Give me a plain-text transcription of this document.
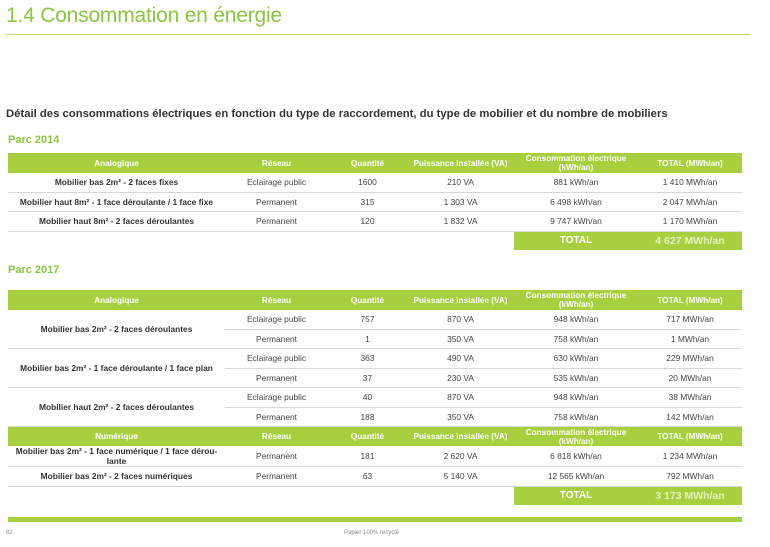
1.4 Consommation en énergie
Détail des consommations électriques en fonction du type de raccordement, du type de mobilier et du nombre de mobiliers
Parc 2014
Analogique	Réseau	Quantité	Puissance installée (VA)	Consommation électrique (kWh/an)	TOTAL (MWh/an)
Mobilier bas 2m² - 2 faces fixes	Eclairage public	1600	210 VA	881 kWh/an	1 410 MWh/an
Mobilier haut 8m² - 1 face déroulante / 1 face fixe	Permanent	315	1 303 VA	6 498 kWh/an	2 047 MWh/an
Mobilier haut 8m² - 2 faces déroulantes	Permanent	120	1 832 VA	9 747 kWh/an	1 170 MWh/an
				TOTAL	4 627 MWh/an
Parc 2017
Analogique	Réseau	Quantité	Puissance installée (VA)	Consommation électrique (kWh/an)	TOTAL (MWh/an)
Mobilier bas 2m² - 2 faces déroulantes	Eclairage public	757	870 VA	948 kWh/an	717 MWh/an
	Permanent	1	350 VA	758 kWh/an	1 MWh/an
Mobilier bas 2m² - 1 face déroulante / 1 face plan	Eclairage public	363	490 VA	630 kWh/an	229 MWh/an
	Permanent	37	230 VA	535 kWh/an	20 MWh/an
Mobilier haut 2m² - 2 faces déroulantes	Eclairage public	40	870 VA	948 kWh/an	38 MWh/an
	Permanent	188	350 VA	758 kWh/an	142 MWh/an
Numérique	Réseau	Quantité	Puissance installée (VA)	Consommation électrique (kWh/an)	TOTAL (MWh/an)
Mobilier bas 2m² - 1 face numérique / 1 face dérou-lante	Permanent	181	2 620 VA	6 818 kWh/an	1 234 MWh/an
Mobilier bas 2m² - 2 faces numériques	Permanent	63	5 140 VA	12 565 kWh/an	792 MWh/an
				TOTAL	3 173 MWh/an
82	Papier 100% recyclé
